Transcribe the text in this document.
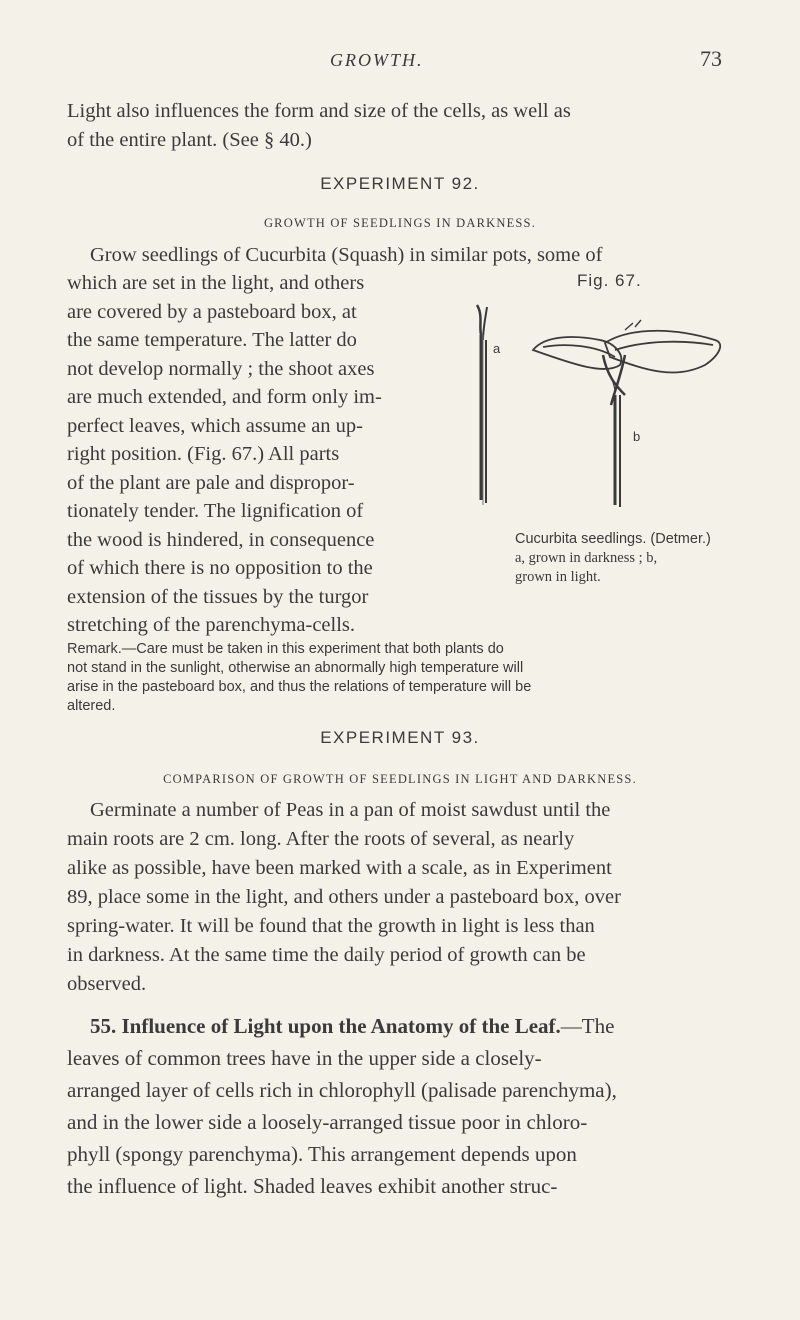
GROWTH.	73
Light also influences the form and size of the cells, as well as
of the entire plant. (See § 40.)
EXPERIMENT 92.
GROWTH OF SEEDLINGS IN DARKNESS.
Grow seedlings of Cucurbita (Squash) in similar pots, some of
which are set in the light, and others
are covered by a pasteboard box, at
the same temperature. The latter do
not develop normally ; the shoot axes
are much extended, and form only im-
perfect leaves, which assume an up-
right position. (Fig. 67.) All parts
of the plant are pale and dispropor-
tionately tender. The lignification of
the wood is hindered, in consequence
of which there is no opposition to the
extension of the tissues by the turgor
stretching of the parenchyma-cells.
Fig. 67.
a
b
Cucurbita seedlings. (Detmer.)
a, grown in darkness ; b,
grown in light.
Remark.—Care must be taken in this experiment that both plants do
not stand in the sunlight, otherwise an abnormally high temperature will
arise in the pasteboard box, and thus the relations of temperature will be
altered.
EXPERIMENT 93.
COMPARISON OF GROWTH OF SEEDLINGS IN LIGHT AND DARKNESS.
Germinate a number of Peas in a pan of moist sawdust until the
main roots are 2 cm. long. After the roots of several, as nearly
alike as possible, have been marked with a scale, as in Experiment
89, place some in the light, and others under a pasteboard box, over
spring-water. It will be found that the growth in light is less than
in darkness. At the same time the daily period of growth can be
observed.
55. Influence of Light upon the Anatomy of the Leaf.—The
leaves of common trees have in the upper side a closely-
arranged layer of cells rich in chlorophyll (palisade parenchyma),
and in the lower side a loosely-arranged tissue poor in chloro-
phyll (spongy parenchyma). This arrangement depends upon
the influence of light. Shaded leaves exhibit another struc-
